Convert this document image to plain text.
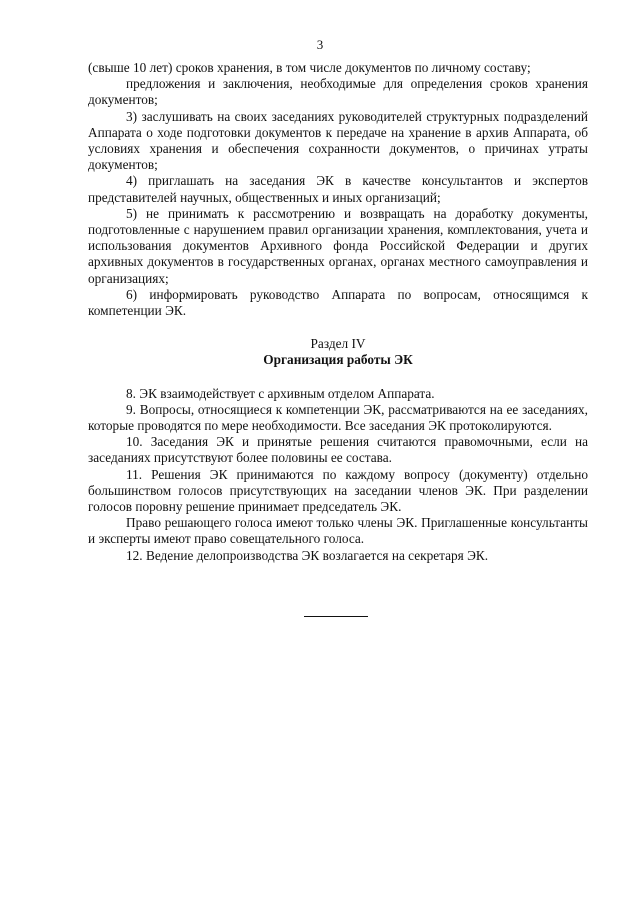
3

(свыше 10 лет) сроков хранения, в том числе документов по личному составу;

предложения и заключения, необходимые для определения сроков хранения документов;

3) заслушивать на своих заседаниях руководителей структурных подразделений Аппарата о ходе подготовки документов к передаче на хранение в архив Аппарата, об условиях хранения и обеспечения сохранности документов, о причинах утраты документов;

4) приглашать на заседания ЭК в качестве консультантов и экспертов представителей научных, общественных и иных организаций;

5) не принимать к рассмотрению и возвращать на доработку документы, подготовленные с нарушением правил организации хранения, комплектования, учета и использования документов Архивного фонда Российской Федерации и других архивных документов в государственных органах, органах местного самоуправления и организациях;

6) информировать руководство Аппарата по вопросам, относящимся к компетенции ЭК.

Раздел IV
Организация работы ЭК

8. ЭК взаимодействует с архивным отделом Аппарата.

9. Вопросы, относящиеся к компетенции ЭК, рассматриваются на ее заседаниях, которые проводятся по мере необходимости. Все заседания ЭК протоколируются.

10. Заседания ЭК и принятые решения считаются правомочными, если на заседаниях присутствуют более половины ее состава.

11. Решения ЭК принимаются по каждому вопросу (документу) отдельно большинством голосов присутствующих на заседании членов ЭК. При разделении голосов поровну решение принимает председатель ЭК.

Право решающего голоса имеют только члены ЭК. Приглашенные консультанты и эксперты имеют право совещательного голоса.

12. Ведение делопроизводства ЭК возлагается на секретаря ЭК.
